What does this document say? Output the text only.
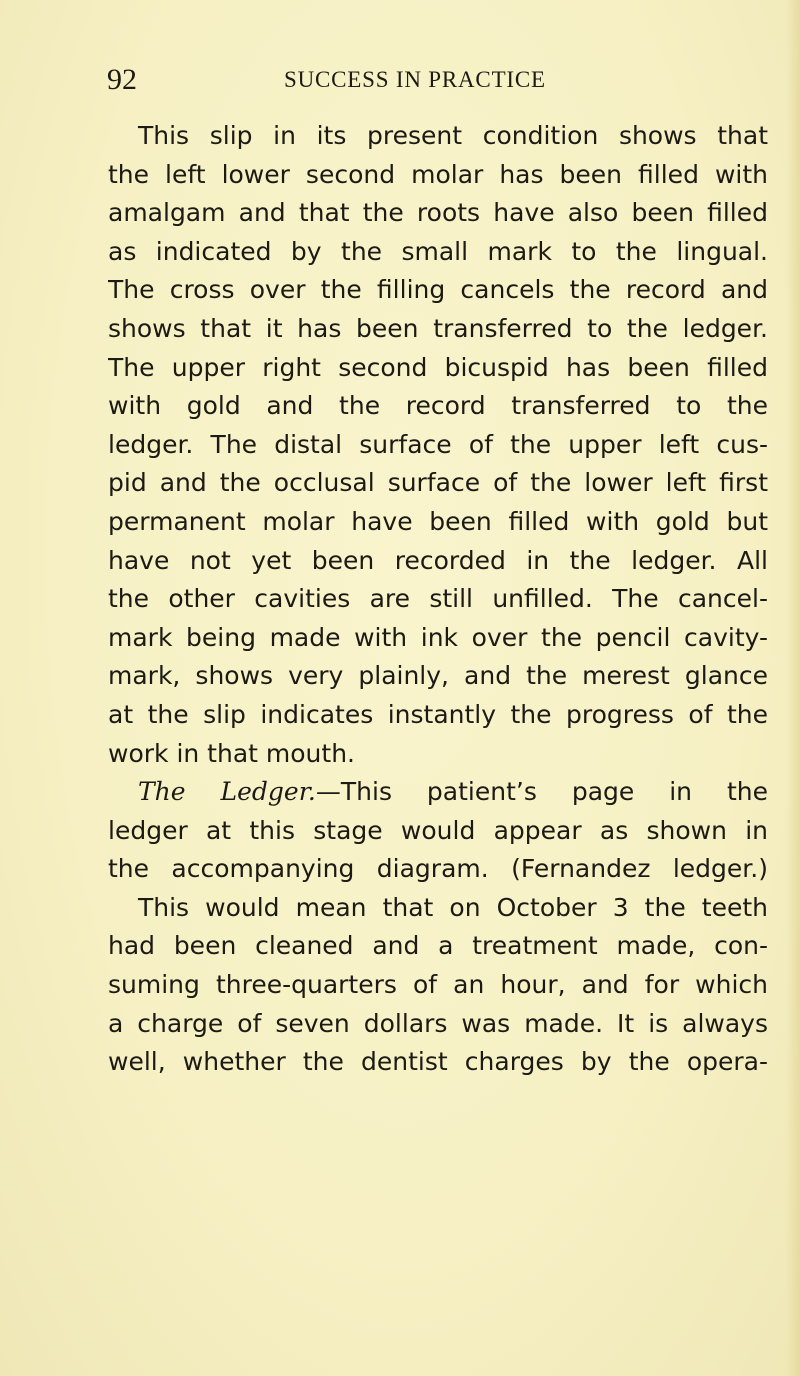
92	SUCCESS IN PRACTICE
This slip in its present condition shows that
the left lower second molar has been filled with
amalgam and that the roots have also been filled
as indicated by the small mark to the lingual.
The cross over the filling cancels the record and
shows that it has been transferred to the ledger.
The upper right second bicuspid has been filled
with gold and the record transferred to the
ledger. The distal surface of the upper left cus-
pid and the occlusal surface of the lower left first
permanent molar have been filled with gold but
have not yet been recorded in the ledger. All
the other cavities are still unfilled. The cancel-
mark being made with ink over the pencil cavity-
mark, shows very plainly, and the merest glance
at the slip indicates instantly the progress of the
work in that mouth.
The Ledger.—This patient’s page in the
ledger at this stage would appear as shown in
the accompanying diagram. (Fernandez ledger.)
This would mean that on October 3 the teeth
had been cleaned and a treatment made, con-
suming three-quarters of an hour, and for which
a charge of seven dollars was made. It is always
well, whether the dentist charges by the opera-
